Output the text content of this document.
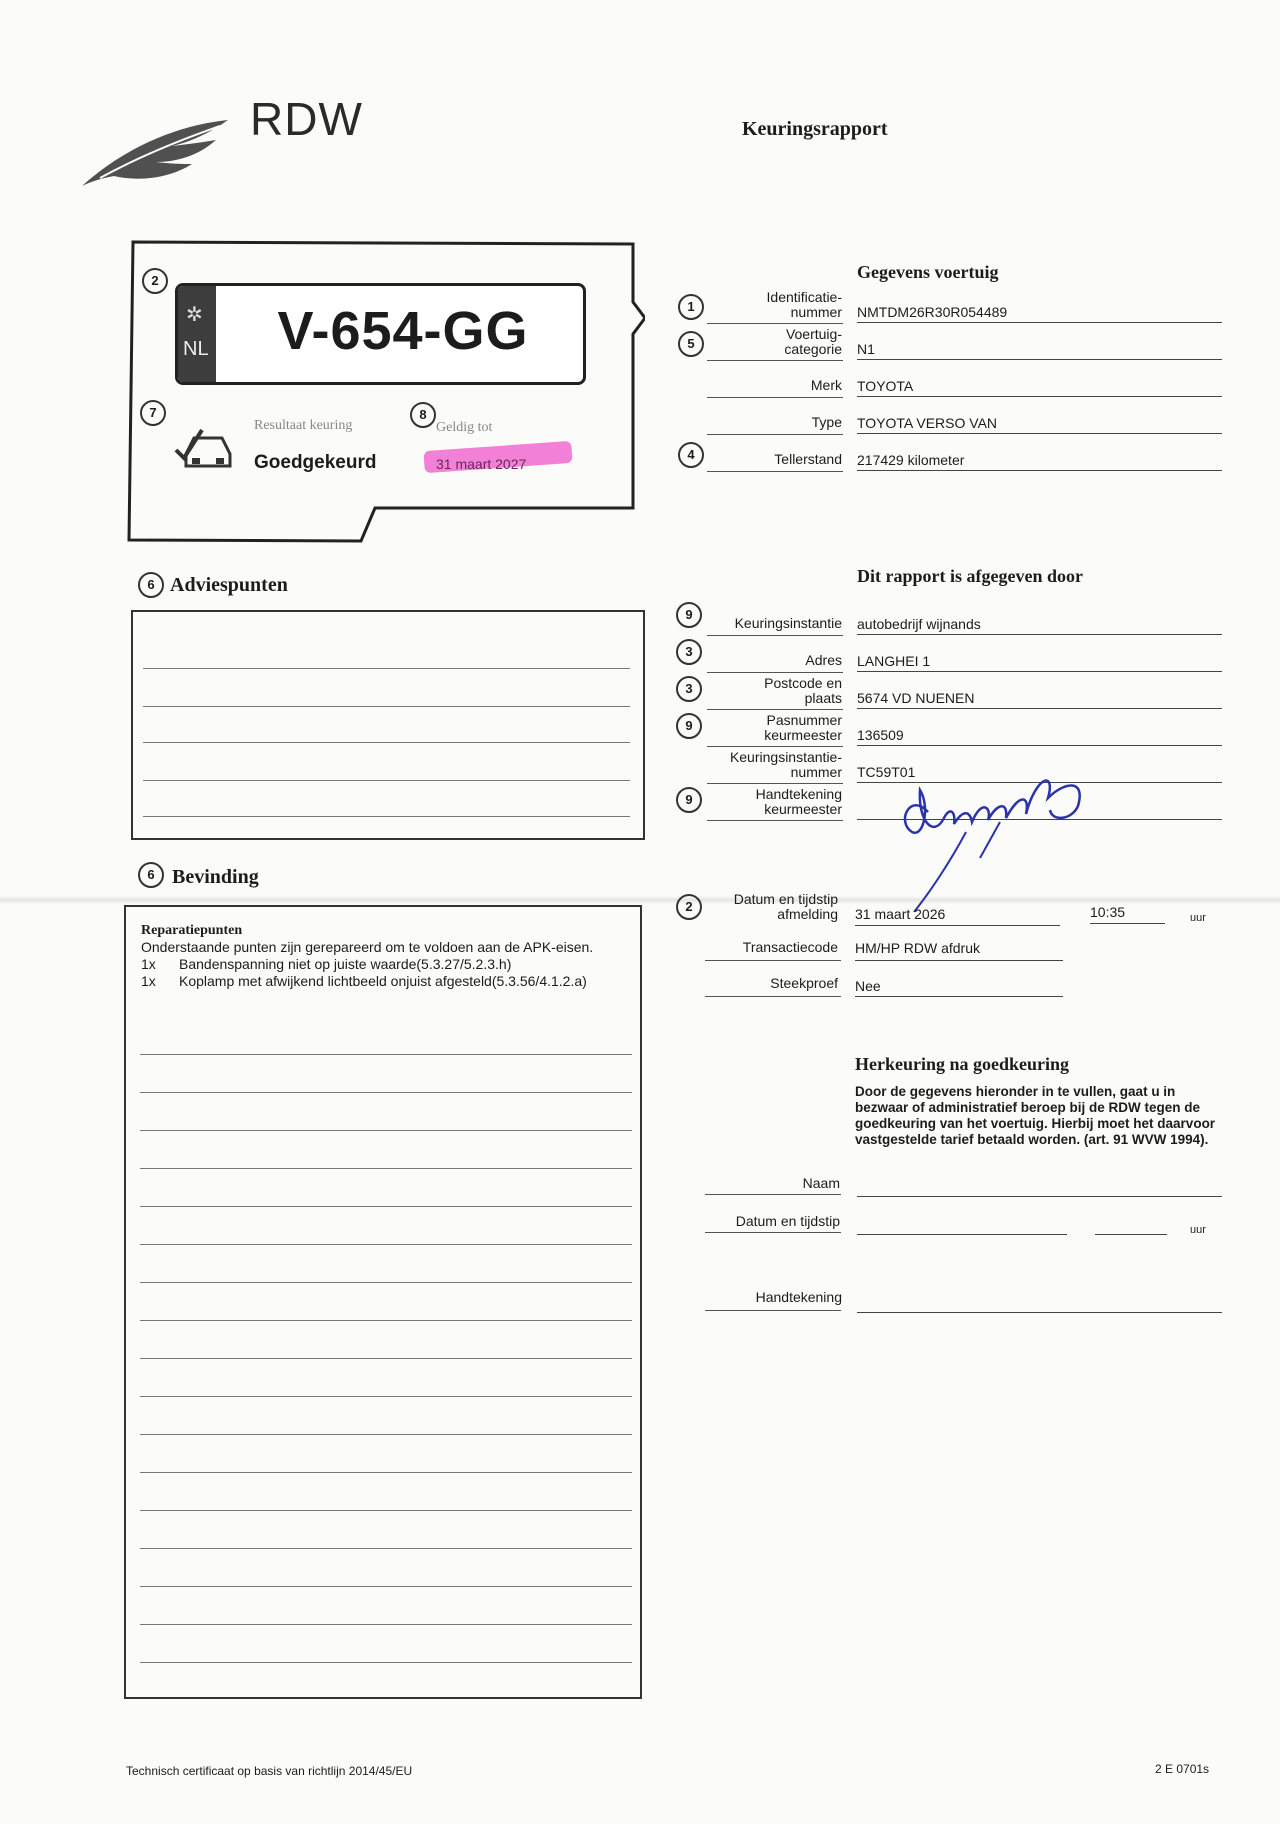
RDW	Keuringsrapport
2
✲
NL	V-654-GG
7	8
Resultaat keuring
Goedgekeurd
Geldig tot
31 maart 2027
Gegevens voertuig
1
Identificatie-
nummer NMTDM26R30R054489
5
Voertuig-
categorie N1
Merk TOYOTA
Type TOYOTA VERSO VAN
4	Tellerstand 217429 kilometer
6 Adviespunten	Dit rapport is afgegeven door
9
Keuringsinstantie autobedrijf wijnands
3
Adres LANGHEI 1
3	Postcode en
plaats 5674 VD NUENEN
9	Pasnummer
keurmeester 136509
Keuringsinstantie-
nummer TC59T01
9	Handtekening
keurmeester
6 Bevinding
Reparatiepunten
Onderstaande punten zijn gerepareerd om te voldoen aan de APK-eisen.
1x	Bandenspanning niet op juiste waarde(5.3.27/5.2.3.h)
1x	Koplamp met afwijkend lichtbeeld onjuist afgesteld(5.3.56/4.1.2.a)
2	Datum en tijdstip
afmelding 31 maart 2026	10:35	uur
Transactiecode HM/HP RDW afdruk
Steekproef Nee
Herkeuring na goedkeuring
Door de gegevens hieronder in te vullen, gaat u in bezwaar of administratief beroep bij de RDW tegen de goedkeuring van het voertuig. Hierbij moet het daarvoor vastgestelde tarief betaald worden. (art. 91 WVW 1994).
Naam
Datum en tijdstip
uur
Handtekening
Technisch certificaat op basis van richtlijn 2014/45/EU	2 E 0701s
